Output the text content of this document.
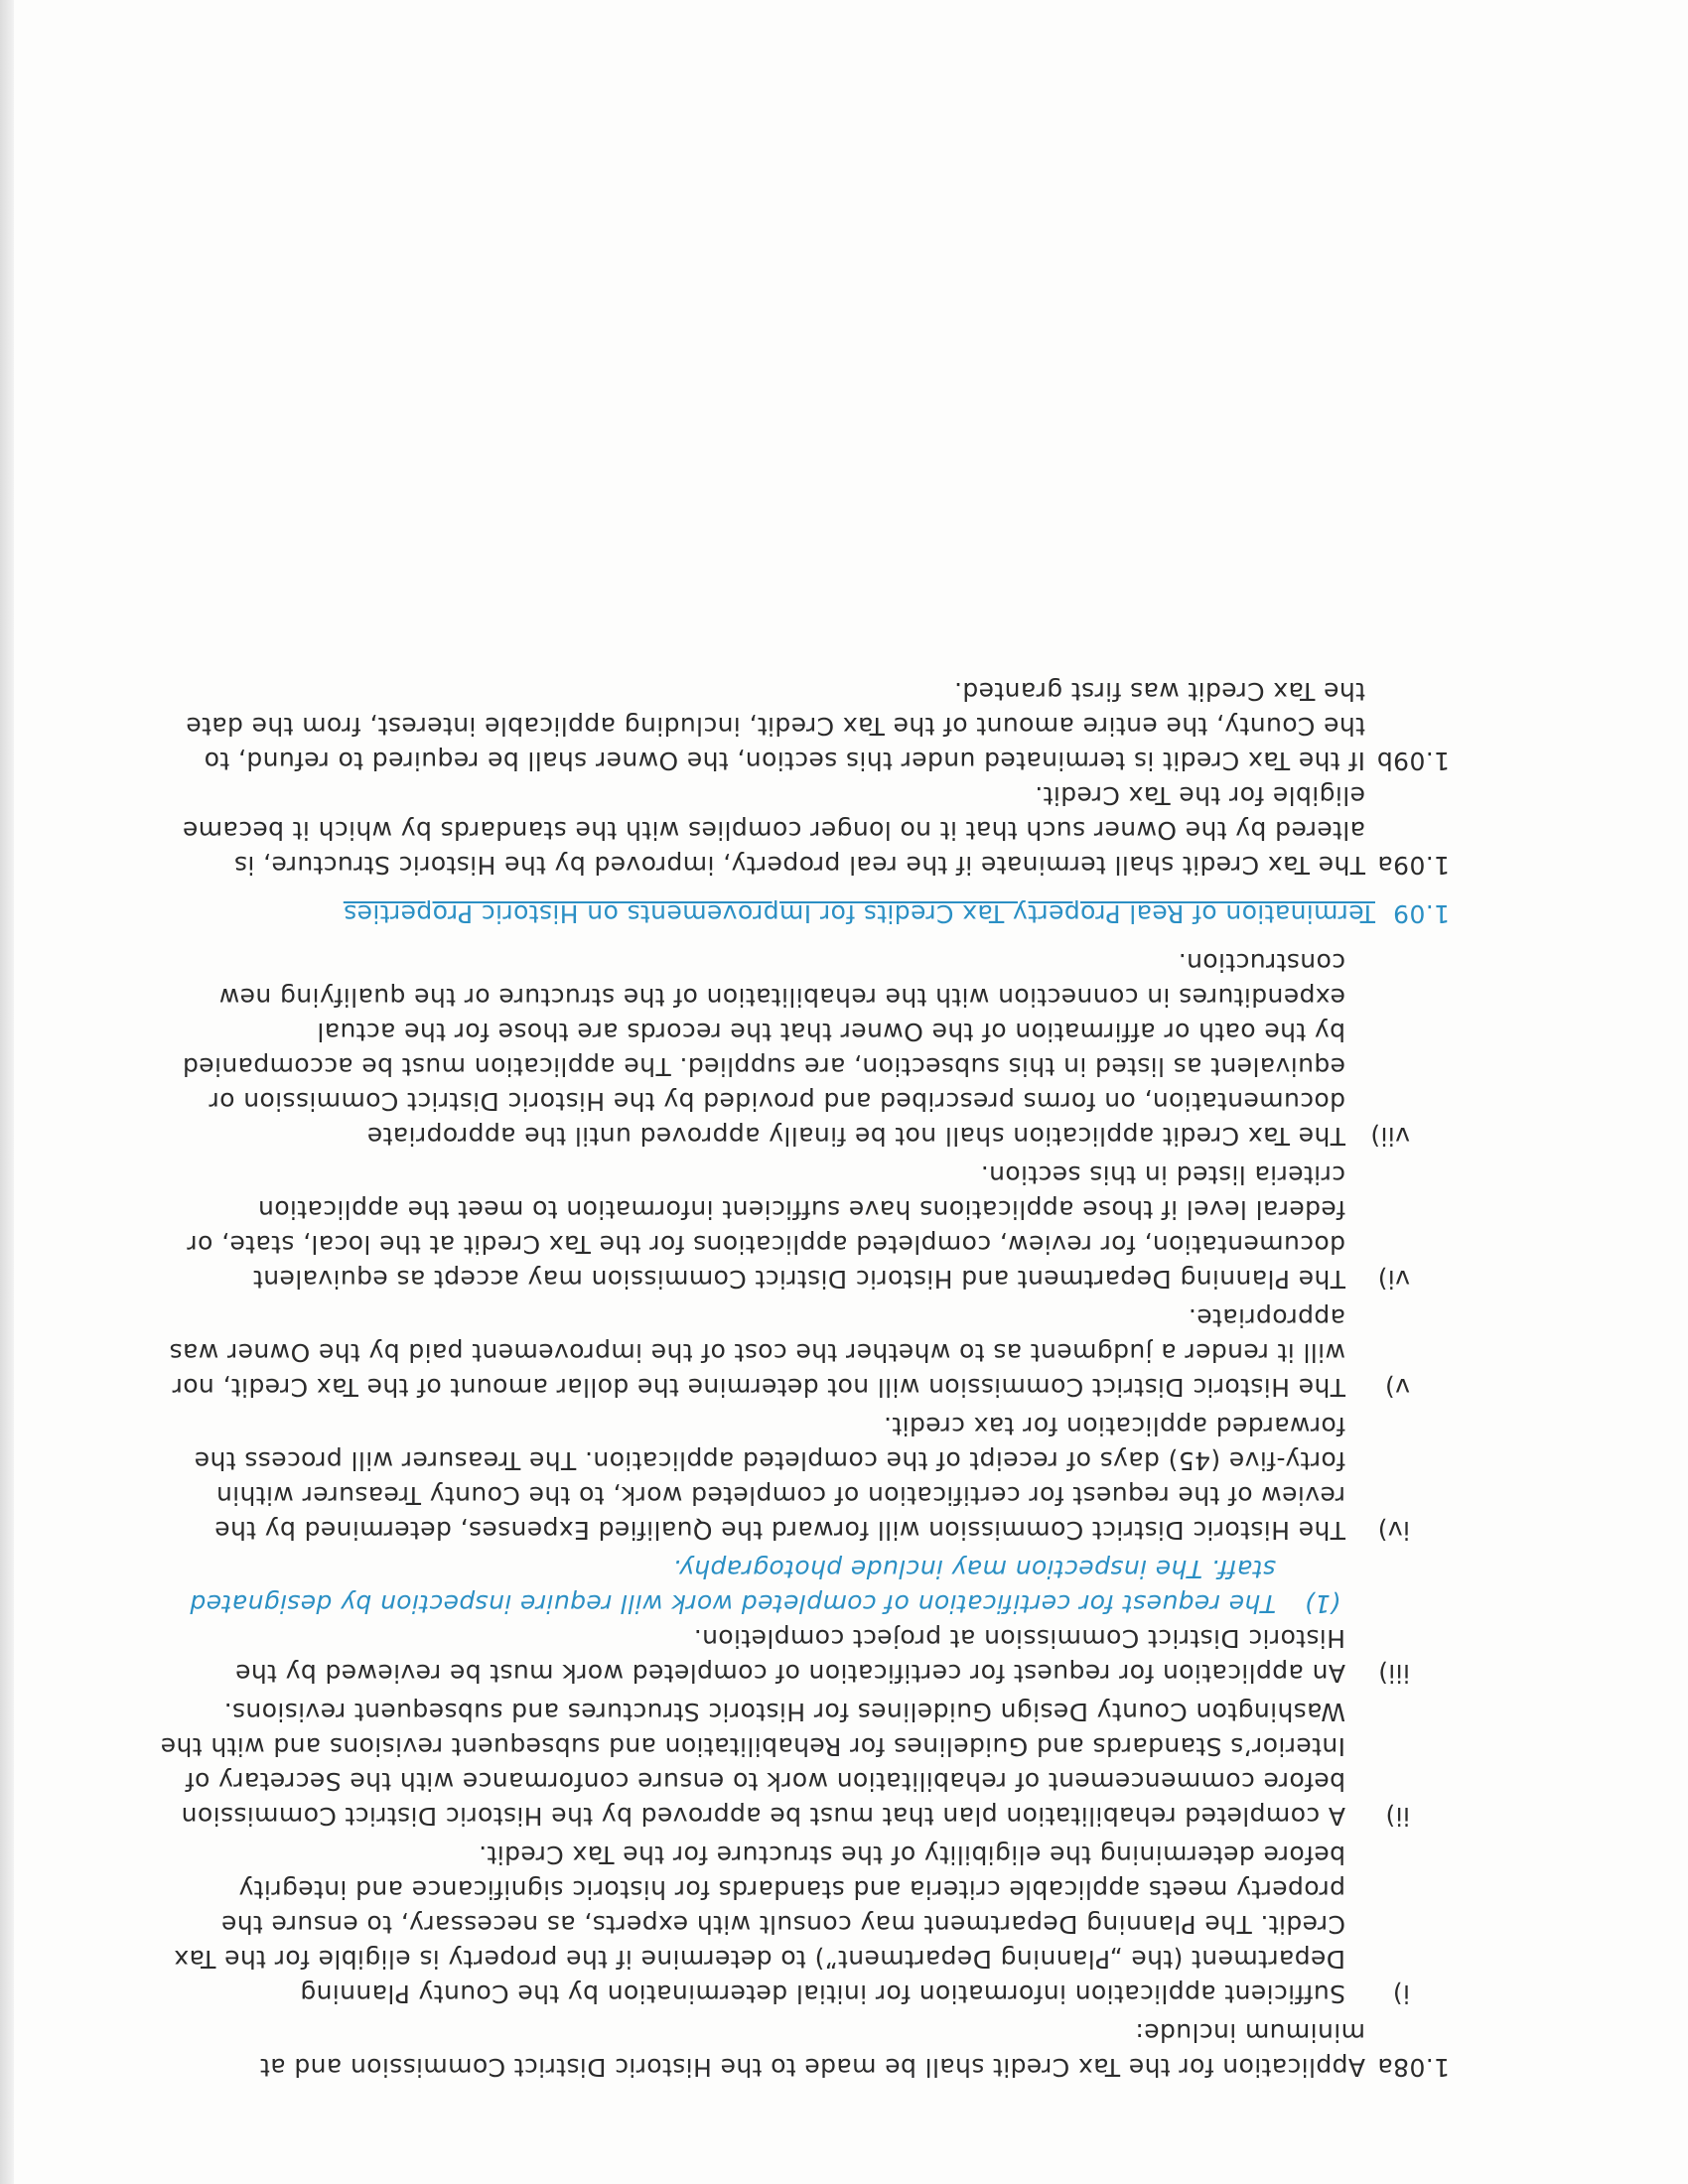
1.08a

Application for the Tax Credit shall be made to the Historic District Commission and at minimum include:

i)

Sufficient application information for initial determination by the County Planning Department (the „Planning Department”) to determine if the property is eligible for the Tax Credit. The Planning Department may consult with experts, as necessary, to ensure the property meets applicable criteria and standards for historic significance and integrity before determining the eligibility of the structure for the Tax Credit.

ii)

A completed rehabilitation plan that must be approved by the Historic District Commission before commencement of rehabilitation work to ensure conformance with the Secretary of Interior’s Standards and Guidelines for Rehabilitation and subsequent revisions and with the Washington County Design Guidelines for Historic Structures and subsequent revisions.

iii)

An application for request for certification of completed work must be reviewed by the Historic District Commission at project completion.

(1)

The request for certification of completed work will require inspection by designated staff. The inspection may include photography.

iv)

The Historic District Commission will forward the Qualified Expenses, determined by the review of the request for certification of completed work, to the County Treasurer within forty-five (45) days of receipt of the completed application. The Treasurer will process the forwarded application for tax credit.

v)

The Historic District Commission will not determine the dollar amount of the Tax Credit, nor will it render a judgment as to whether the cost of the improvement paid by the Owner was appropriate.

vi)

The Planning Department and Historic District Commission may accept as equivalent documentation, for review, completed applications for the Tax Credit at the local, state, or federal level if those applications have sufficient information to meet the application criteria listed in this section.

vii)

The Tax Credit application shall not be finally approved until the appropriate documentation, on forms prescribed and provided by the Historic District Commission or equivalent as listed in this subsection, are supplied. The application must be accompanied by the oath or affirmation of the Owner that the records are those for the actual expenditures in connection with the rehabilitation of the structure or the qualifying new construction.

1.09
Termination of Real Property Tax Credits for Improvements on Historic Properties
1.09a

The Tax Credit shall terminate if the real property, improved by the Historic Structure, is altered by the Owner such that it no longer complies with the standards by which it became eligible for the Tax Credit.

1.09b

If the Tax Credit is terminated under this section, the Owner shall be required to refund, to the County, the entire amount of the Tax Credit, including applicable interest, from the date the Tax Credit was first granted.
